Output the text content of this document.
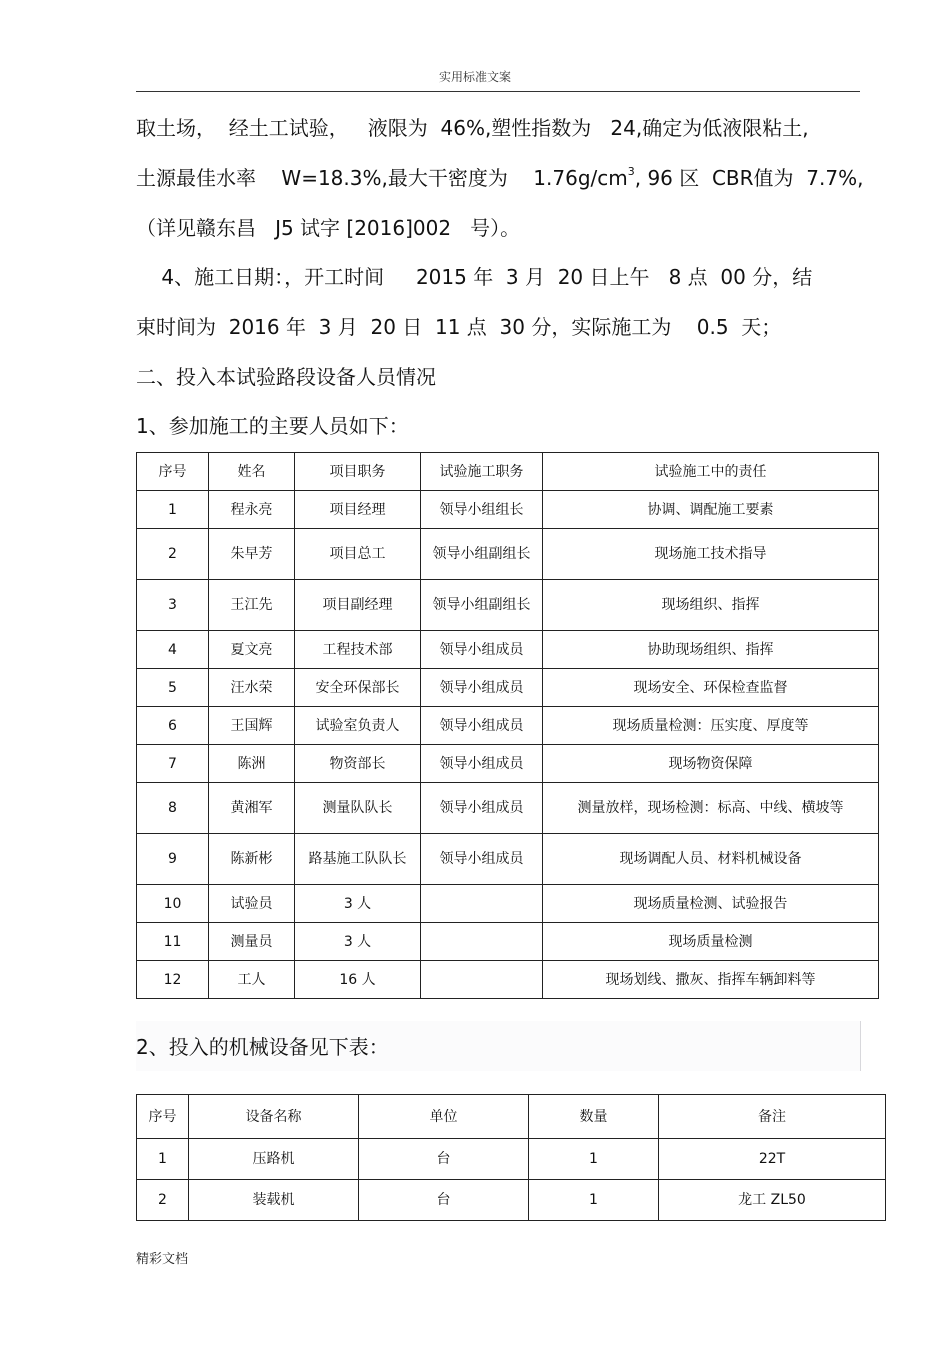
实用标准文案
取土场，  经土工试验，   液限为  46%,塑性指数为   24,确定为低液限粘土,
土源最佳水率    W=18.3%,最大干密度为    $1.76g/cm^3$, 96 区  CBR值为  7.7%,
（详见赣东昌   J5 试字 [2016]002   号）。
4、施工日期：，开工时间     2015 年  3 月  20 日上午   8 点  00 分，结
束时间为  2016 年  3 月  20 日  11 点  30 分，实际施工为    0.5  天；
二、投入本试验路段设备人员情况
1、参加施工的主要人员如下：
序号	姓名	项目职务	试验施工职务	试验施工中的责任
1	程永亮	项目经理	领导小组组长	协调、调配施工要素
2	朱早芳	项目总工	领导小组副组长	现场施工技术指导
3	王江先	项目副经理	领导小组副组长	现场组织、指挥
4	夏文亮	工程技术部	领导小组成员	协助现场组织、指挥
5	汪水荣	安全环保部长	领导小组成员	现场安全、环保检查监督
6	王国辉	试验室负责人	领导小组成员	现场质量检测：压实度、厚度等
7	陈洲	物资部长	领导小组成员	现场物资保障
8	黄湘军	测量队队长	领导小组成员	测量放样，现场检测：标高、中线、横坡等
9	陈新彬	路基施工队队长	领导小组成员	现场调配人员、材料机械设备
10	试验员	3 人		现场质量检测、试验报告
11	测量员	3 人		现场质量检测
12	工人	16 人		现场划线、撒灰、指挥车辆卸料等
2、投入的机械设备见下表：
序号	设备名称	单位	数量	备注
1	压路机	台	1	22T
2	装载机	台	1	龙工 ZL50
精彩文档
